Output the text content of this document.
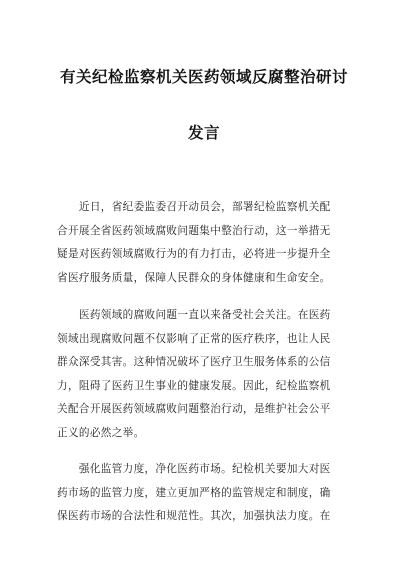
有关纪检监察机关医药领域反腐整治研讨
发言

　　近日，省纪委监委召开动员会，部署纪检监察机关配

合开展全省医药领域腐败问题集中整治行动，这一举措无

疑是对医药领域腐败行为的有力打击，必将进一步提升全

省医疗服务质量，保障人民群众的身体健康和生命安全。

　　医药领域的腐败问题一直以来备受社会关注。在医药

领域出现腐败问题不仅影响了正常的医疗秩序，也让人民

群众深受其害。这种情况破坏了医疗卫生服务体系的公信

力，阻碍了医药卫生事业的健康发展。因此，纪检监察机

关配合开展医药领域腐败问题整治行动，是维护社会公平

正义的必然之举。

　　强化监管力度，净化医药市场。纪检机关要加大对医

药市场的监管力度，建立更加严格的监管规定和制度，确

保医药市场的合法性和规范性。其次，加强执法力度。在
